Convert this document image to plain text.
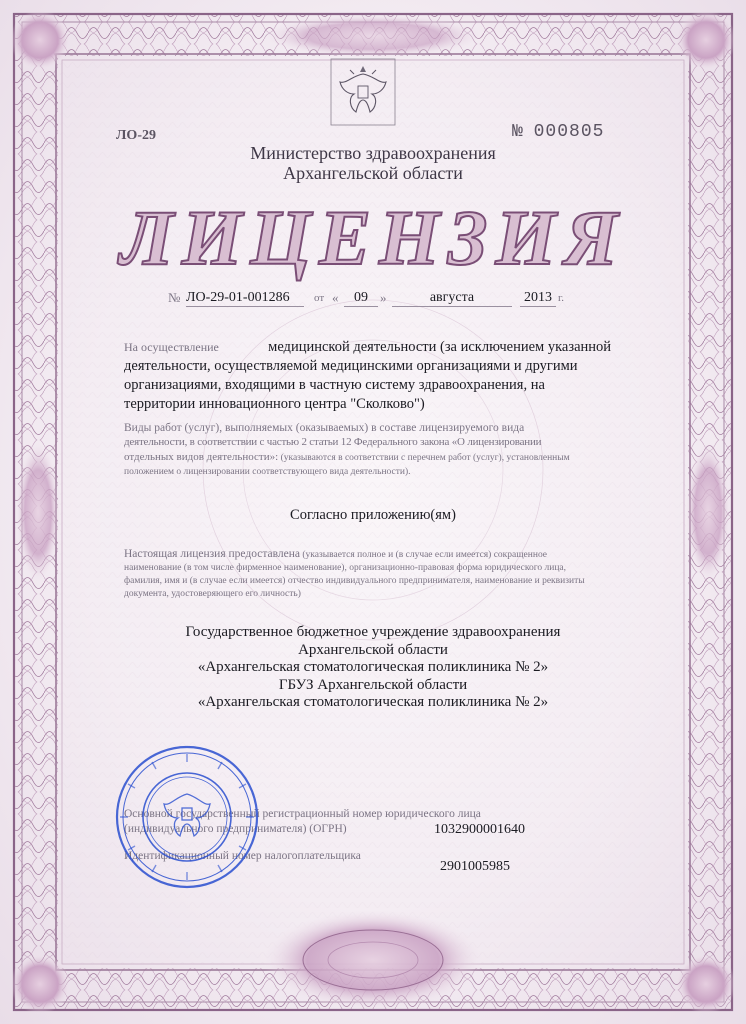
ЛО-29	№ 000805
Министерство здравоохранения
Архангельской области
ЛИЦЕНЗИЯ
№ ЛО-29-01-001286	от «	09 »	августа	2013 г.
На осуществление	медицинской деятельности (за исключением указанной
деятельности, осуществляемой медицинскими организациями и другими
организациями, входящими в частную систему здравоохранения, на
территории инновационного центра "Сколково")
Виды работ (услуг), выполняемых (оказываемых) в составе лицензируемого вида
деятельности, в соответствии с частью 2 статьи 12 Федерального закона «О лицензировании
отдельных видов деятельности»: (указываются в соответствии с перечнем работ (услуг), установленным
положением о лицензировании соответствующего вида деятельности).
Согласно приложению(ям)
Настоящая лицензия предоставлена (указывается полное и (в случае если имеется) сокращенное
наименование (в том числе фирменное наименование), организационно-правовая форма юридического лица,
фамилия, имя и (в случае если имеется) отчество индивидуального предпринимателя, наименование и реквизиты
документа, удостоверяющего его личность)
Государственное бюджетное учреждение здравоохранения
Архангельской области
«Архангельская стоматологическая поликлиника № 2»
ГБУЗ Архангельской области
«Архангельская стоматологическая поликлиника № 2»
Основной государственный регистрационный номер юридического лица
(индивидуального предпринимателя) (ОГРН)	1032900001640
Идентификационный номер налогоплательщика
2901005985
